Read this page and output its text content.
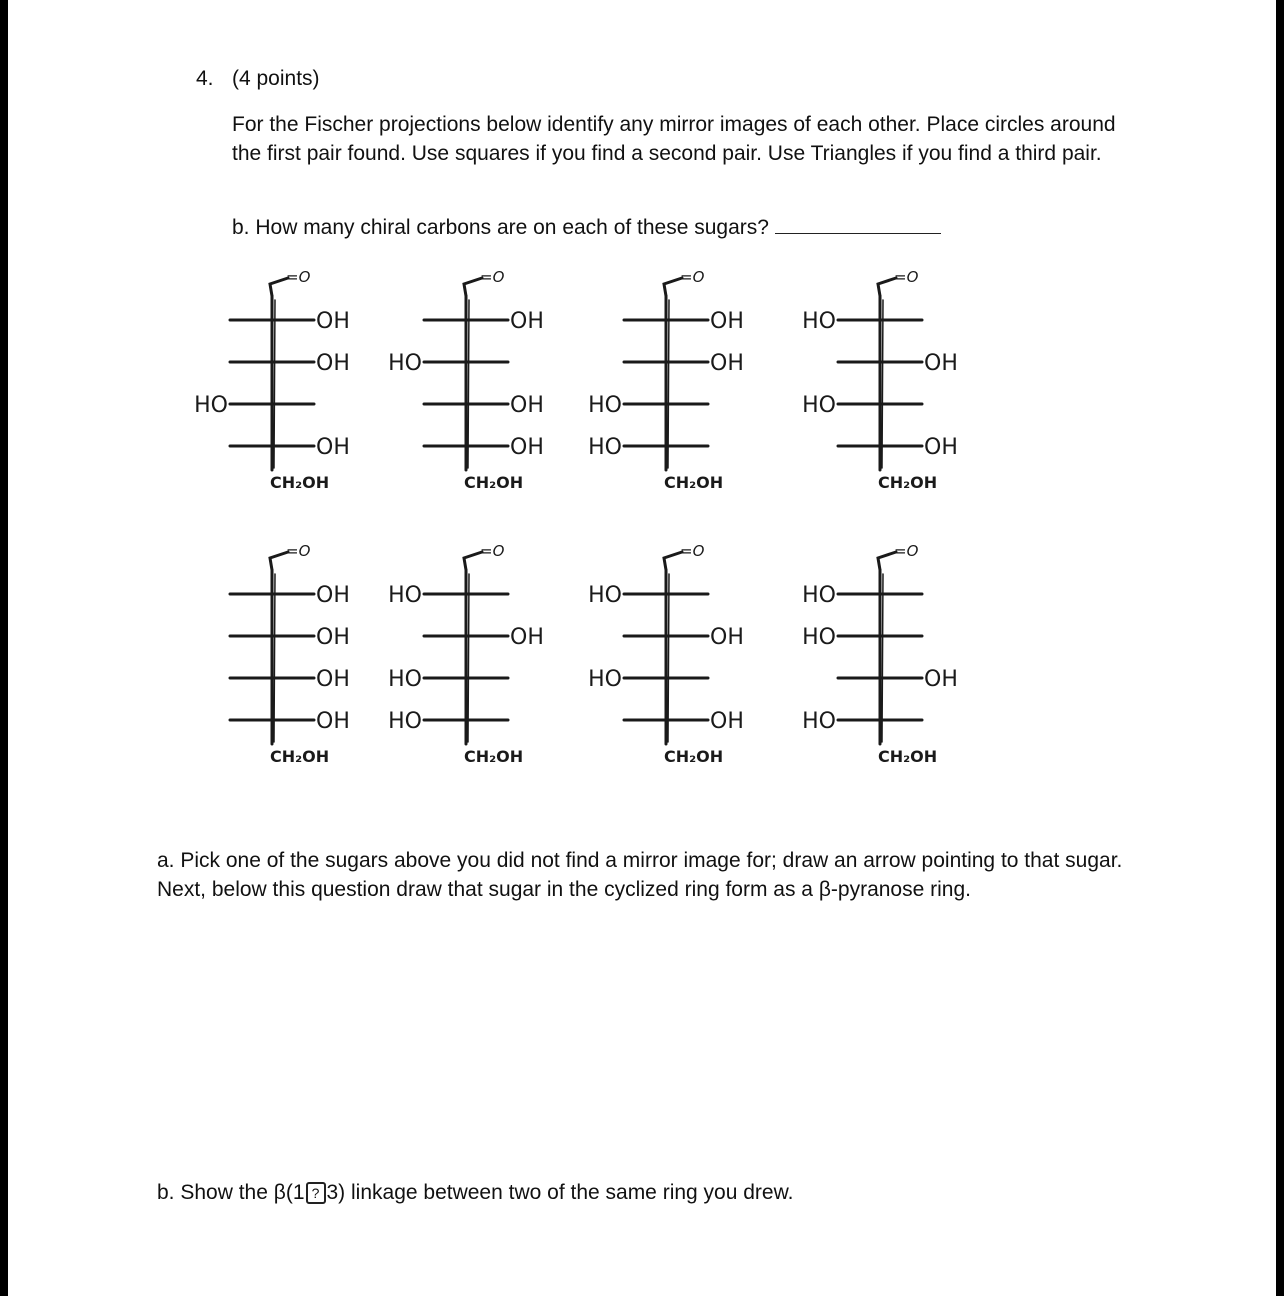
4. (4 points)

For the Fischer projections below identify any mirror images of each other. Place circles around the first pair found. Use squares if you find a second pair. Use Triangles if you find a third pair.

b. How many chiral carbons are on each of these sugars?

=O
OH
OH
HO
OH
CH₂OH
=O
OH
HO
OH
OH
CH₂OH
=O
OH
OH
HO
HO
CH₂OH
=O
HO
OH
HO
OH
CH₂OH
=O
OH
OH
OH
OH
CH₂OH
=O
HO
OH
HO
HO
CH₂OH
=O
HO
OH
HO
OH
CH₂OH
=O
HO
HO
OH
HO
CH₂OH

a. Pick one of the sugars above you did not find a mirror image for; draw an arrow pointing to that sugar. Next, below this question draw that sugar in the cyclized ring form as a β-pyranose ring.

b. Show the β(1 ? 3) linkage between two of the same ring you drew.
